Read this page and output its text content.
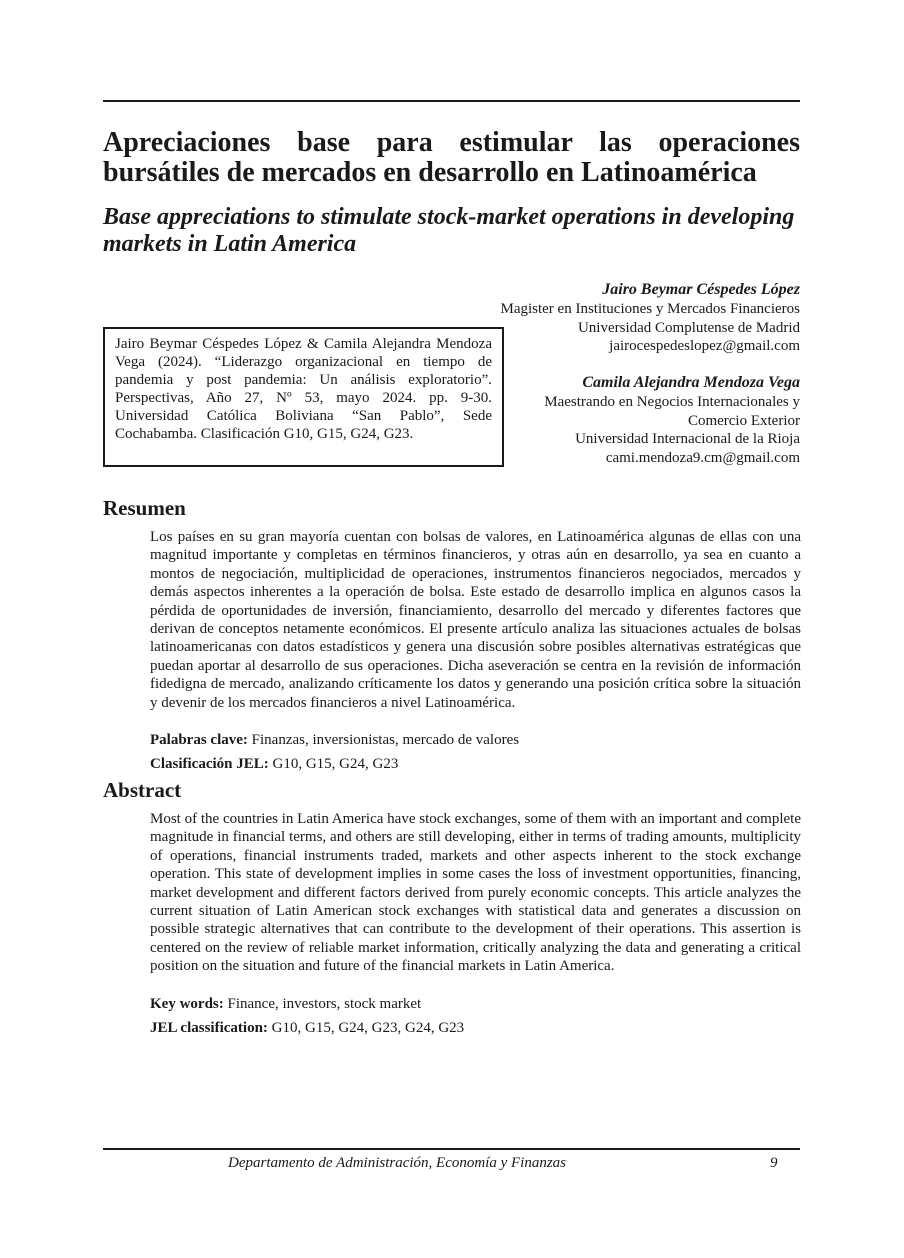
Apreciaciones base para estimular las operaciones bursátiles de mercados en desarrollo en Latinoamérica
Base appreciations to stimulate stock-market operations in developing markets in Latin America
Jairo Beymar Céspedes López
Magister en Instituciones y Mercados Financieros
Universidad Complutense de Madrid
jairocespedeslopez@gmail.com

Jairo Beymar Céspedes López & Camila Alejandra Mendoza Vega (2024). “Liderazgo organizacional en tiempo de pandemia y post pandemia: Un análisis exploratorio”. Perspectivas, Año 27, Nº 53, mayo 2024. pp. 9-30. Universidad Católica Boliviana “San Pablo”, Sede Cochabamba. Clasificación G10, G15, G24, G23.

Camila Alejandra Mendoza Vega
Maestrando en Negocios Internacionales y
Comercio Exterior
Universidad Internacional de la Rioja
cami.mendoza9.cm@gmail.com
Resumen

Los países en su gran mayoría cuentan con bolsas de valores, en Latinoamérica algunas de ellas con una magnitud importante y completas en términos financieros, y otras aún en desarrollo, ya sea en cuanto a montos de negociación, multiplicidad de operaciones, instrumentos financieros negociados, mercados y demás aspectos inherentes a la operación de bolsa. Este estado de desarrollo implica en algunos casos la pérdida de oportunidades de inversión, financiamiento, desarrollo del mercado y diferentes factores que derivan de conceptos netamente económicos. El presente artículo analiza las situaciones actuales de bolsas latinoamericanas con datos estadísticos y genera una discusión sobre posibles alternativas estratégicas que puedan aportar al desarrollo de sus operaciones. Dicha aseveración se centra en la revisión de información fidedigna de mercado, analizando críticamente los datos y generando una posición crítica sobre la situación y devenir de los mercados financieros a nivel Latinoamérica.

Palabras clave: Finanzas, inversionistas, mercado de valores

Clasificación JEL: G10, G15, G24, G23

Abstract

Most of the countries in Latin America have stock exchanges, some of them with an important and complete magnitude in financial terms, and others are still developing, either in terms of trading amounts, multiplicity of operations, financial instruments traded, markets and other aspects inherent to the stock exchange operation. This state of development implies in some cases the loss of investment opportunities, financing, market development and different factors derived from purely economic concepts. This article analyzes the current situation of Latin American stock exchanges with statistical data and generates a discussion on possible strategic alternatives that can contribute to the development of their operations. This assertion is centered on the review of reliable market information, critically analyzing the data and generating a critical position on the situation and future of the financial markets in Latin America.

Key words: Finance, investors, stock market

JEL classification: G10, G15, G24, G23, G24, G23

Departamento de Administración, Economía y Finanzas	9
